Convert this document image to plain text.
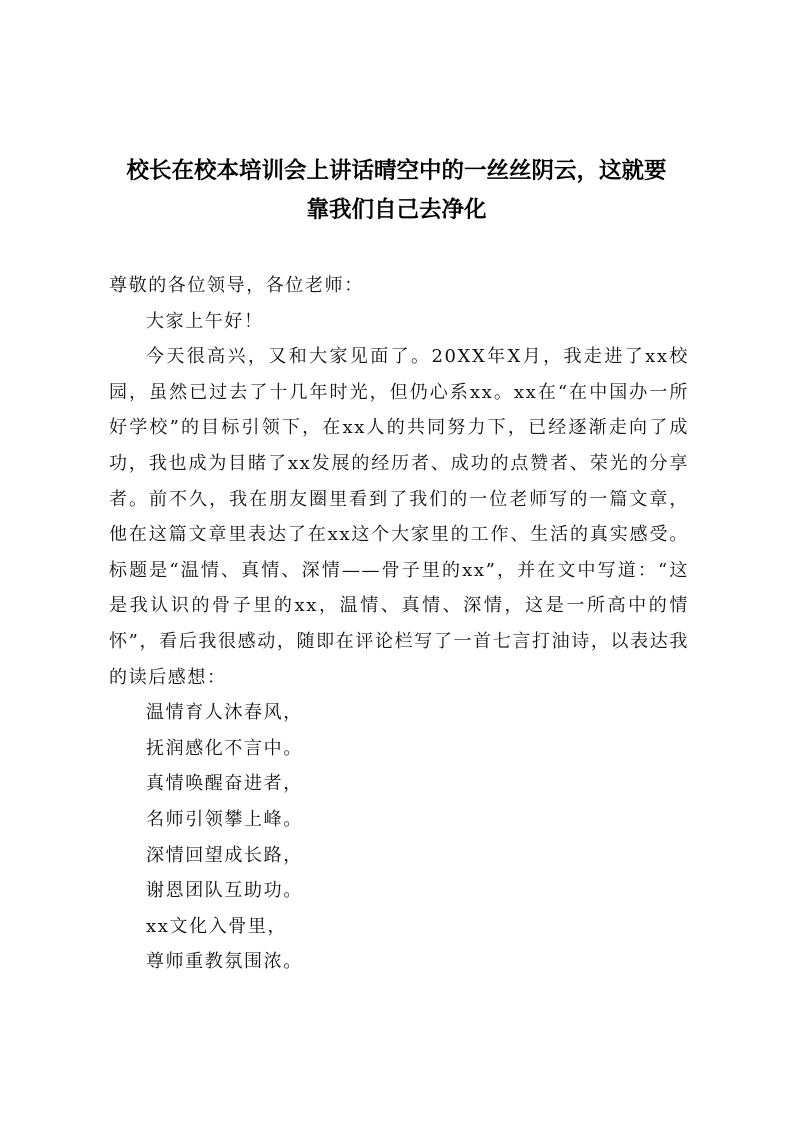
校长在校本培训会上讲话晴空中的一丝丝阴云，这就要
靠我们自己去净化

尊敬的各位领导，各位老师：

大家上午好！

今天很高兴，又和大家见面了。20XX年X月，我走进了xx校园，虽然已过去了十几年时光，但仍心系xx。xx在“在中国办一所好学校”的目标引领下，在xx人的共同努力下，已经逐渐走向了成功，我也成为目睹了xx发展的经历者、成功的点赞者、荣光的分享者。前不久，我在朋友圈里看到了我们的一位老师写的一篇文章，他在这篇文章里表达了在xx这个大家里的工作、生活的真实感受。标题是“温情、真情、深情——骨子里的xx”，并在文中写道：“这是我认识的骨子里的xx，温情、真情、深情，这是一所高中的情怀”，看后我很感动，随即在评论栏写了一首七言打油诗，以表达我的读后感想：

温情育人沐春风，

抚润感化不言中。

真情唤醒奋进者，

名师引领攀上峰。

深情回望成长路，

谢恩团队互助功。

xx文化入骨里，

尊师重教氛围浓。
